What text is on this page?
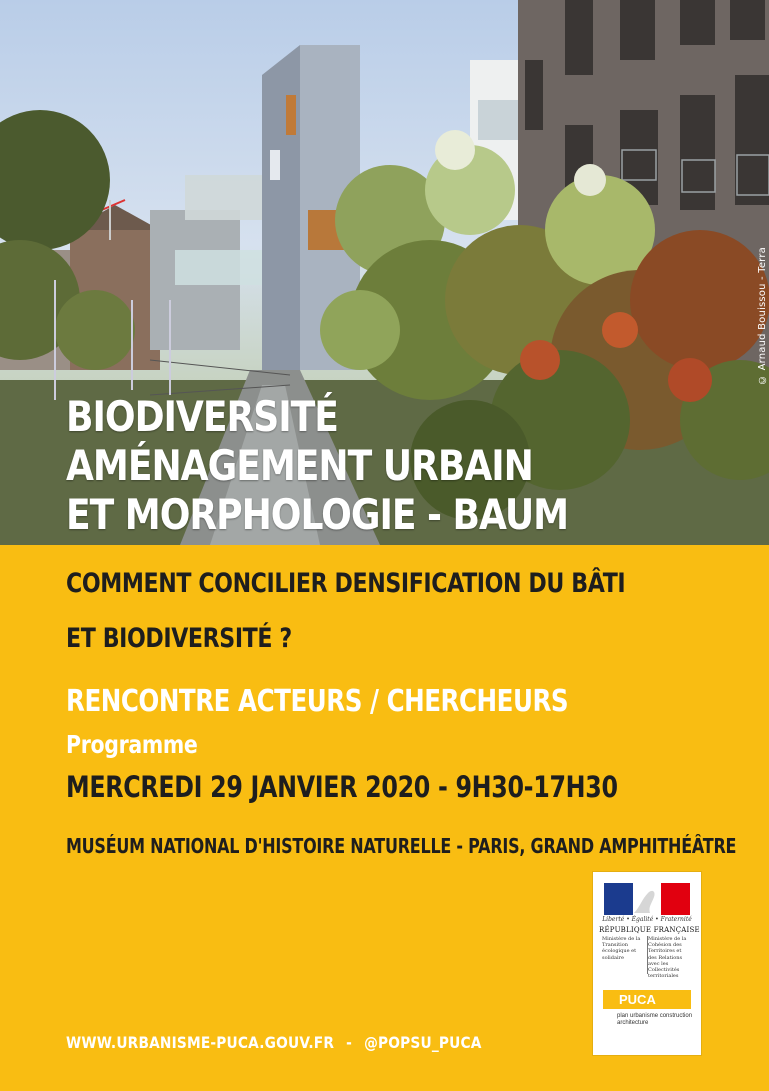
© Arnaud Bouissou - Terra
BIODIVERSITÉ
AMÉNAGEMENT URBAIN
ET MORPHOLOGIE - BAUM
COMMENT CONCILIER DENSIFICATION DU BÂTI
ET BIODIVERSITÉ ?
RENCONTRE ACTEURS / CHERCHEURS
Programme
MERCREDI 29 JANVIER 2020 - 9H30-17H30
MUSÉUM NATIONAL D'HISTOIRE NATURELLE - PARIS, GRAND AMPHITHÉÂTRE
Liberté • Égalité • Fraternité
RÉPUBLIQUE FRANÇAISE
Ministère de la Transition écologique et solidaire
Ministère de la Cohésion des Territoires et des Relations avec les Collectivités territoriales
PUCA
plan urbanisme construction architecture
WWW.URBANISME-PUCA.GOUV.FR - @POPSU_PUCA
